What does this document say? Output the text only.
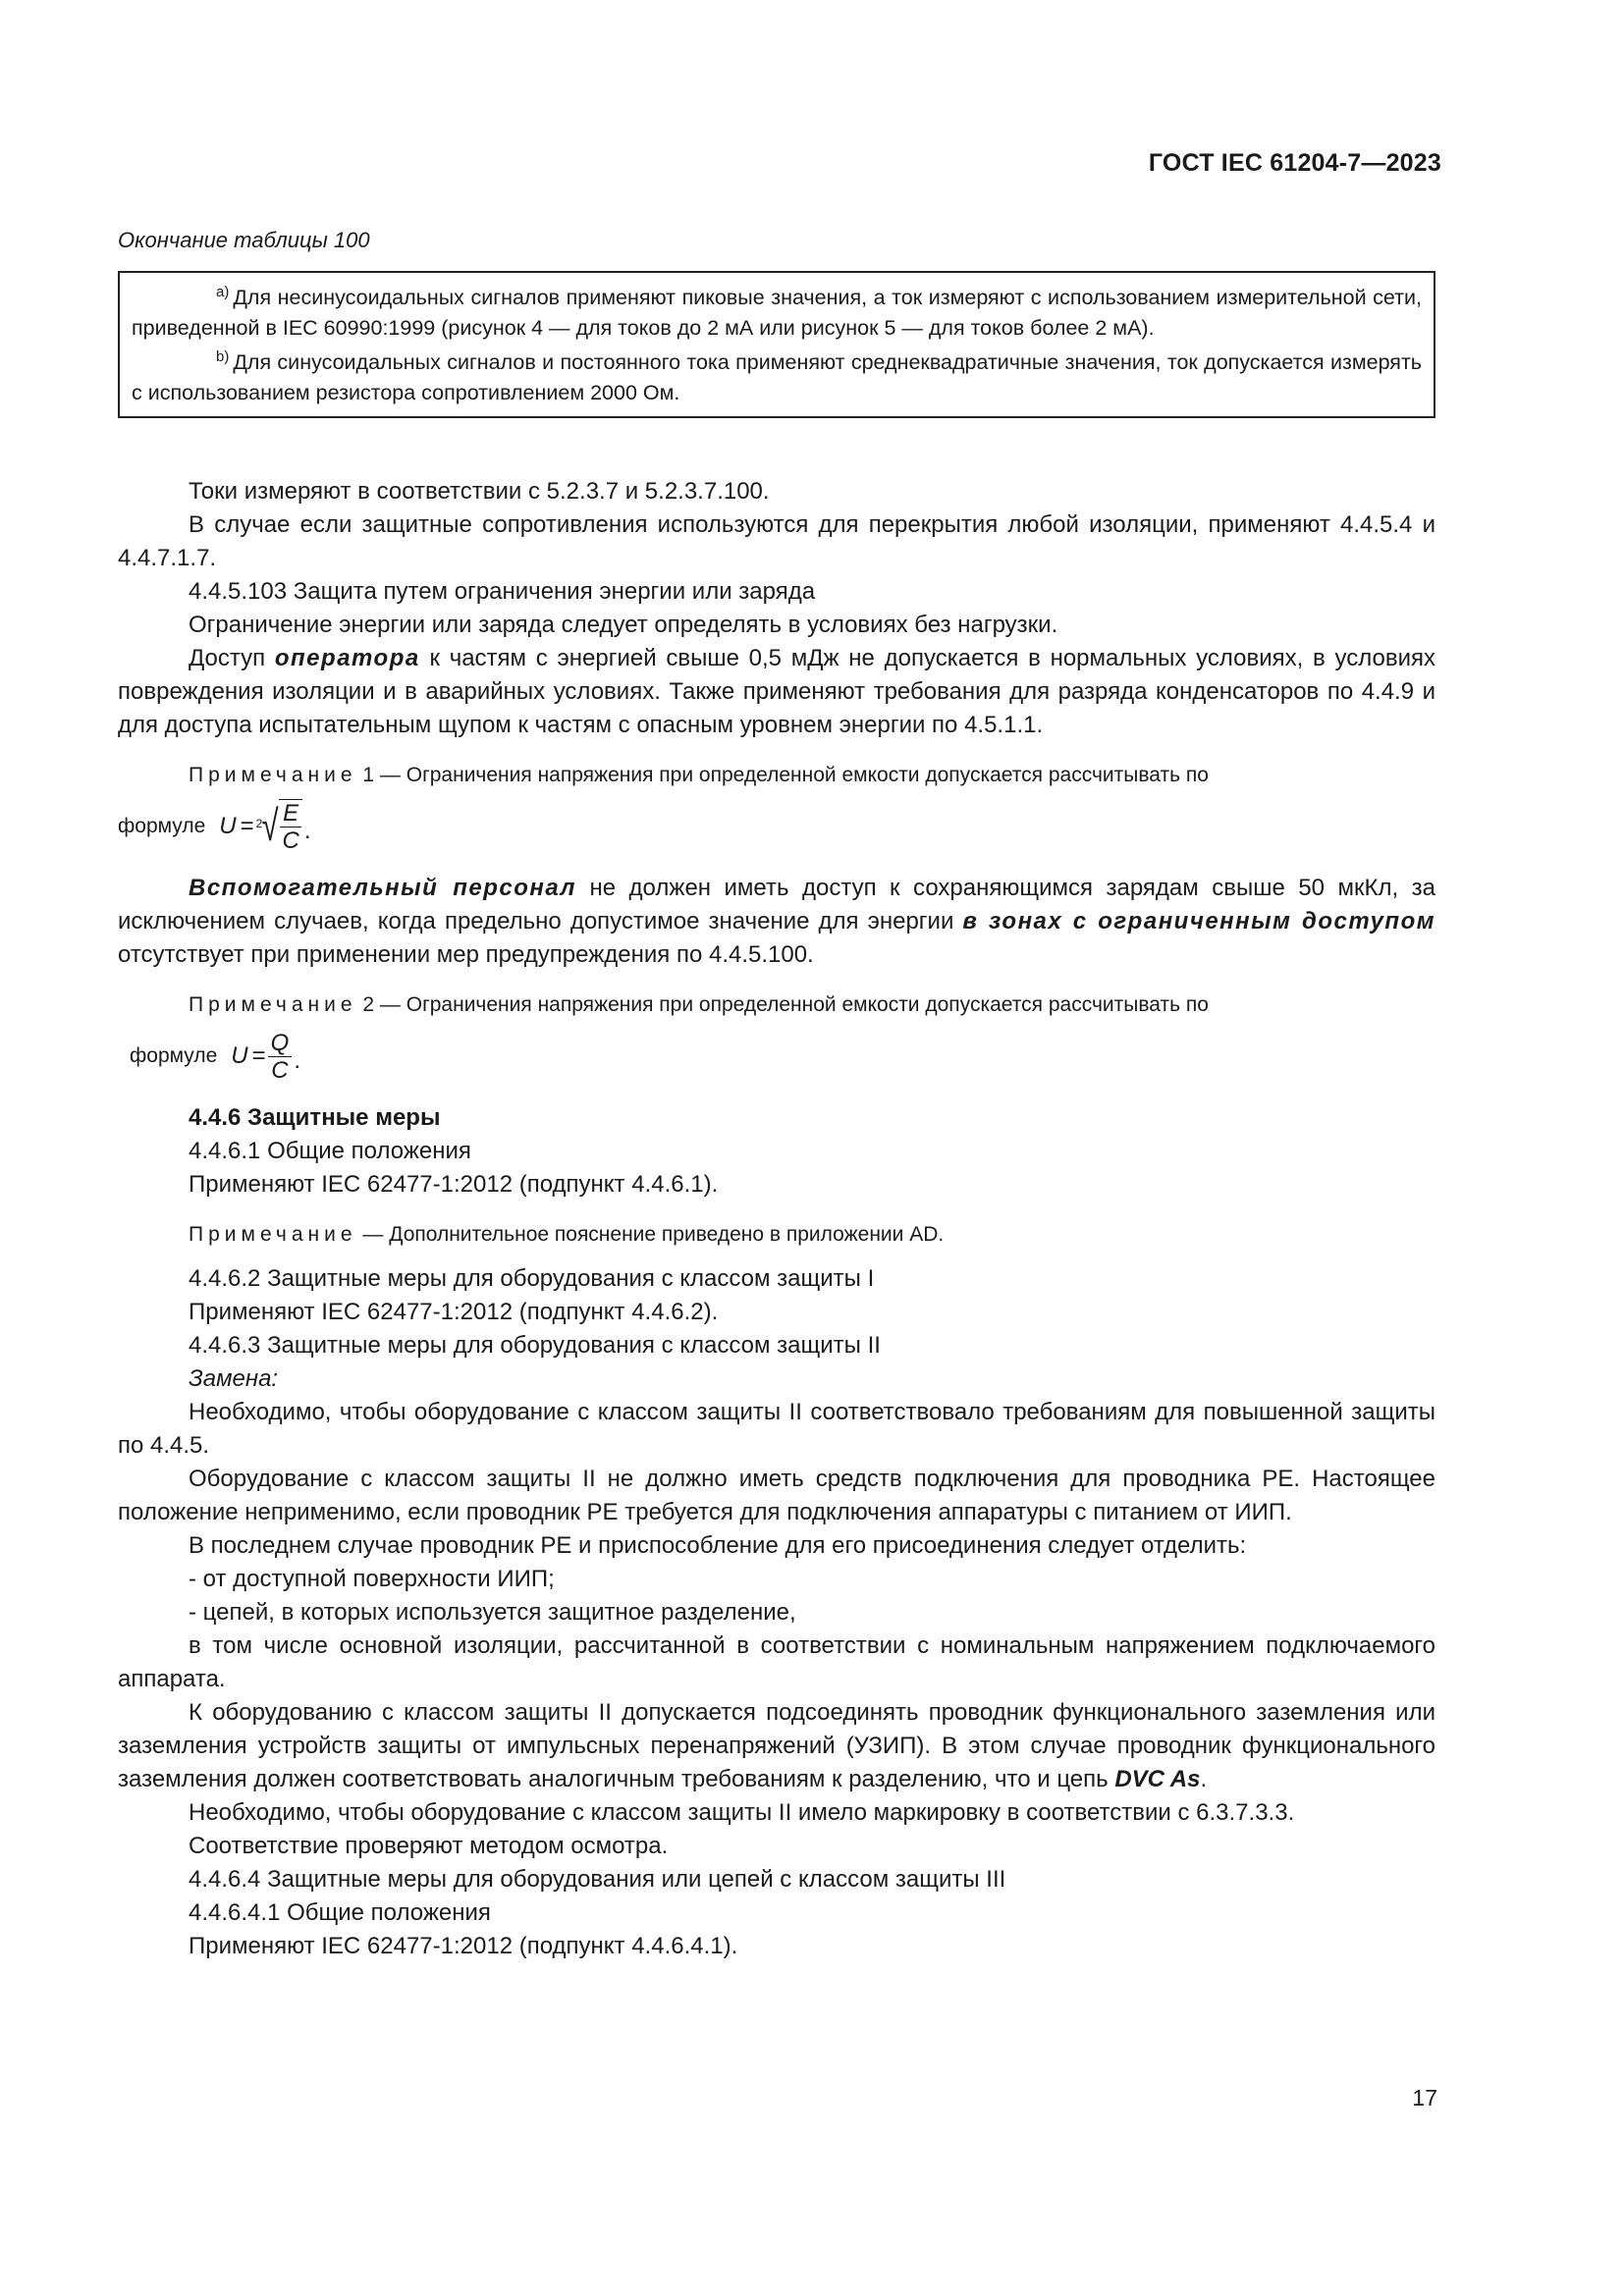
ГОСТ IEC 61204-7—2023
Окончание таблицы 100

$^{a)}$ Для несинусоидальных сигналов применяют пиковые значения, а ток измеряют с использованием измерительной сети, приведенной в IEC 60990:1999 (рисунок 4 — для токов до 2 мА или рисунок 5 — для токов более 2 мА).

$^{b)}$ Для синусоидальных сигналов и постоянного тока применяют среднеквадратичные значения, ток допускается измерять с использованием резистора сопротивлением 2000 Ом.

Токи измеряют в соответствии с 5.2.3.7 и 5.2.3.7.100.

В случае если защитные сопротивления используются для перекрытия любой изоляции, применяют 4.4.5.4 и 4.4.7.1.7.

4.4.5.103 Защита путем ограничения энергии или заряда

Ограничение энергии или заряда следует определять в условиях без нагрузки.

Доступ оператора к частям с энергией свыше 0,5 мДж не допускается в нормальных условиях, в условиях повреждения изоляции и в аварийных условиях. Также применяют требования для разряда конденсаторов по 4.4.9 и для доступа испытательным щупом к частям с опасным уровнем энергии по 4.5.1.1.

Примечание 1 — Ограничения напряжения при определенной емкости допускается рассчитывать по

формуле U = 2 √ $\frac{E}{C}$ .

Вспомогательный персонал не должен иметь доступ к сохраняющимся зарядам свыше 50 мкКл, за исключением случаев, когда предельно допустимое значение для энергии в зонах с ограниченным доступом отсутствует при применении мер предупреждения по 4.4.5.100.

Примечание 2 — Ограничения напряжения при определенной емкости допускается рассчитывать по

формуле $U = \frac{Q}{C}$ .

4.4.6 Защитные меры

4.4.6.1 Общие положения

Применяют IEC 62477-1:2012 (подпункт 4.4.6.1).

Примечание — Дополнительное пояснение приведено в приложении AD.

4.4.6.2 Защитные меры для оборудования с классом защиты I

Применяют IEC 62477-1:2012 (подпункт 4.4.6.2).

4.4.6.3 Защитные меры для оборудования с классом защиты II

Замена:

Необходимо, чтобы оборудование с классом защиты II соответствовало требованиям для повышенной защиты по 4.4.5.

Оборудование с классом защиты II не должно иметь средств подключения для проводника PE. Настоящее положение неприменимо, если проводник PE требуется для подключения аппаратуры с питанием от ИИП.

В последнем случае проводник PE и приспособление для его присоединения следует отделить:

- от доступной поверхности ИИП;

- цепей, в которых используется защитное разделение,

в том числе основной изоляции, рассчитанной в соответствии с номинальным напряжением подключаемого аппарата.

К оборудованию с классом защиты II допускается подсоединять проводник функционального заземления или заземления устройств защиты от импульсных перенапряжений (УЗИП). В этом случае проводник функционального заземления должен соответствовать аналогичным требованиям к разделению, что и цепь DVC As.

Необходимо, чтобы оборудование с классом защиты II имело маркировку в соответствии с 6.3.7.3.3.

Соответствие проверяют методом осмотра.

4.4.6.4 Защитные меры для оборудования или цепей с классом защиты III

4.4.6.4.1 Общие положения

Применяют IEC 62477-1:2012 (подпункт 4.4.6.4.1).

17
